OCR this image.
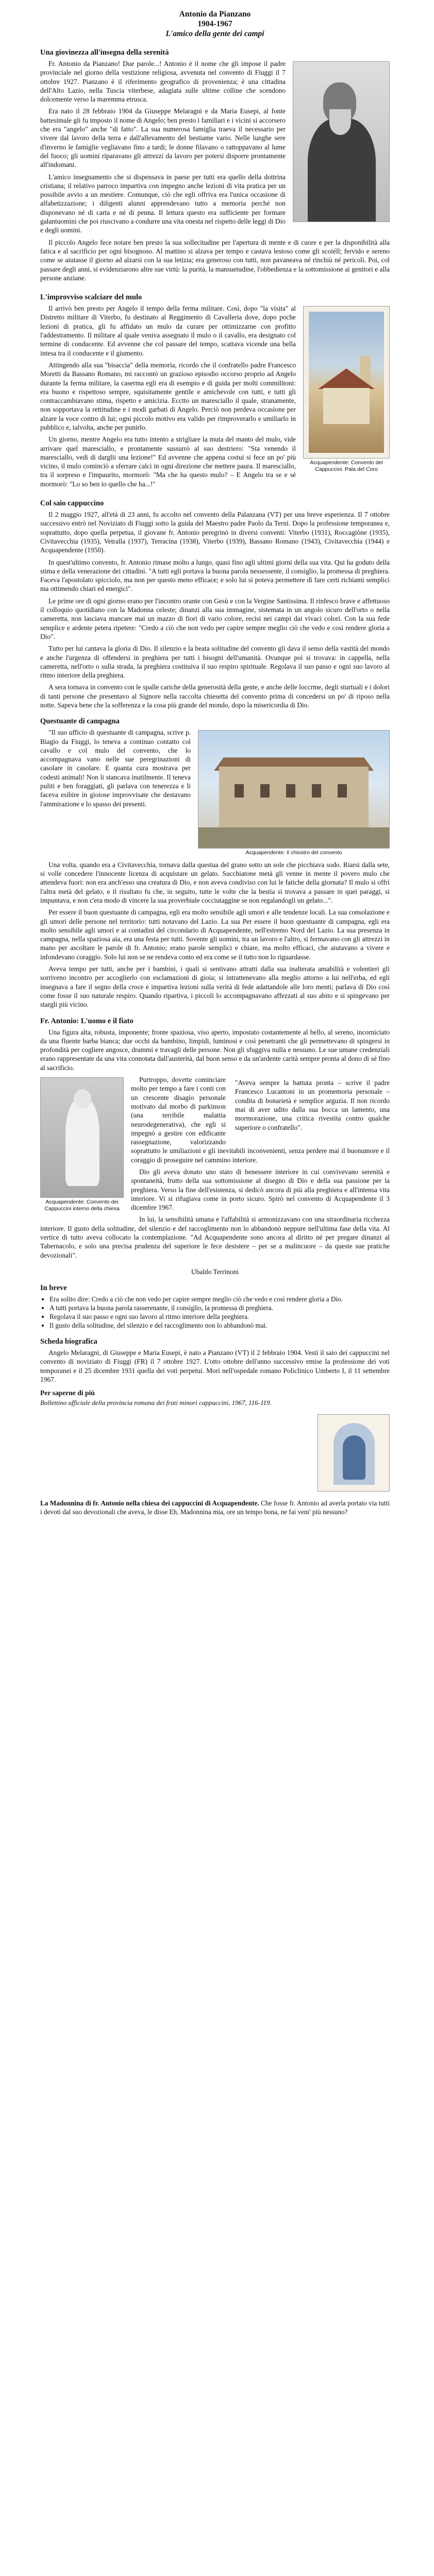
Antonio da Pianzano
1904-1967
L'amico della gente dei campi
Una giovinezza all'insegna della serenità

Fr. Antonio da Pianzano! Due parole...! Antonio è il nome che gli impose il padre provinciale nel giorno della vestizione religiosa, avvenuta nel convento di Fiuggi il 7 ottobre 1927. Pianzano è il riferimento geografico di provenienza; è una cittadina dell'Alto Lazio, nella Tuscia viterbese, adagiata sulle ultime colline che scendono dolcemente verso la maremma etrusca.

Era nato il 28 febbraio 1904 da Giuseppe Melaragni e da Maria Eusepi, al fonte battesimale gli fu imposto il nome di Angelo; ben presto i familiari e i vicini si accorsero che era "angelo" anche "di fatto". La sua numerosa famiglia traeva il necessario per vivere dal lavoro della terra e dall'allevamento del bestiame vario. Nelle lunghe sere d'inverno le famiglie vegliavano fino a tardi; le donne filavano o rattoppavano al lume del fuoco; gli uomini riparavano gli attrezzi da lavoro per potersi disporre prontamente all'indomani.

L'amico insegnamento che si dispensava in paese per tutti era quello della dottrina cristiana; il relativo parroco impartiva con impegno anche lezioni di vita pratica per un possibile avvio a un mestiere. Comunque, ciò che egli offriva era l'unica occasione di alfabetizzazione; i diligenti alunni apprendevano tutto a memoria perché non disponevano né di carta e né di penna. Il lettura questo era sufficiente per formare galantuomini che poi riuscivano a condurre una vita onesta nel rispetto delle leggi di Dio e degli uomini.

Il piccolo Angelo fece notare ben presto la sua sollecitudine per l'apertura di mente e di cuore e per la disponibilità alla fatica e al sacrificio per ogni bisognoso. Al mattino si alzava per tempo e castava lestoso come gli scoiéll; fervido e sereno come se aiutasse il giorno ad alzarsi con la sua letizia; era generoso con tutti, non pavaneava né rinchiù né pericoli. Poi, col passare degli anni, si evidenziarono altre sue virtù: la purità, la mansuetudine, l'obbedienza e la sottomissione ai genitori e alla persone anziane.

L'improvviso scalciare del mulo
Acquapendente: Convento dei Cappuccini. Pala del Coro

Il arrivò ben presto per Angelo il tempo della ferma militare. Così, dopo "la visita" al Distretto militare di Viterbo, fu destinato al Reggimento di Cavalleria dove, dopo poche lezioni di pratica, gli fu affidato un mulo da curare per ottimizzarne con profitto l'addestramento. Il militare al quale veniva assegnato il mulo o il cavallo, era designato col termine di conducente. Ed avvenne che col passare del tempo, scattava vicende una bella intesa tra il conducente e il giumento.

Attingendo alla sua "bisaccia" della memoria, ricordo che il confratello padre Francesco Moretti da Bassano Romano, mi raccontò un grazioso episodio occorso proprio ad Angelo durante la ferma militare, la caserma egli era di esempio e di guida per molti commilitoni: era buono e rispettoso sempre, squisitamente gentile e amichevole con tutti, e tutti gli contraccambiavano stima, rispetto e amicizia. Ecctto un maresciallo il quale, stranamente, non sopportava la rettitudine e i modi garbati di Angelo. Perciò non perdeva occasione per alzare la voce contro di lui; ogni piccolo motivo era valido per rimproverarlo e umiliarlo in pubblico e, talvolta, anche per punirlo.

Un giorno, mentre Angelo era tutto intento a strigliare la muta del manto del mulo, vide arrivare quel maresciallo, e prontamente sussurrò al suo destriero: "Sta venendo il maresciallo, vedi di darglii una lezione!" Ed avvenne che appena costui si fece un po' più vicino, il mulo cominciò a sferrare calci in ogni direzione che mettere paura. Il maresciallo, tra il sorpreso e l'impaurito, mormorò: "Ma che ha questo mulo? – E Angelo tra se e sé mormorò: "Lo so ben io quello che ha...!"

Col saio cappuccino

Il 2 maggio 1927, all'età di 23 anni, fu accolto nel convento della Palanzana (VT) per una breve esperienza. Il 7 ottobre successivo entrò nel Noviziato di Fiuggi sotto la guida del Maestro padre Paolo da Terni. Dopo la professione temporanea e, soprattutto, dopo quella perpetua, il giovane fr. Antonio peregrinò in diversi conventi: Viterbo (1931), Roccagiòne (1935), Civitavecchia (1935), Vetralla (1937), Terracina (1938), Viterbo (1939), Bassano Romano (1943), Civitavecchia (1944) e Acquapendente (1950).

In quest'ultimo convento, fr. Antonio rimase molto a lungo, quasi fino agli ultimi giorni della sua vita. Qui ha goduto della stima e della venerazione dei cittadini. "A tutti egli portava la buona parola nessessente, il consiglio, la promessa di preghiera. Faceva l'apostolato spicciolo, ma non per questo meno efficace; e solo lui si poteva permettere di fare certi richiami semplici ma ottimendo chiari ed energici".

Le prime ore di ogni giorno erano per l'incontro orante con Gesù e con la Vergine Santissima. Il rinfesco brave e affettuoso il colloquio quotidiano con la Madonna celeste; dinanzi alla sua immagine, sistemata in un angolo sicuro dell'orto o nella cameretta, non lasciava mancare mai un mazzo di fiori di vario colore, recisi nei campi dai vivaci colori. Con la sua fede semplice e ardente petera ripetere: "Credo a ciò che non vedo per capire sempre meglio ciò che vedo e così rendere gloria a Dio".

Tutto per lui cantava la gloria di Dio. Il silenzio e la beata solitudine del convento gli dava il senso della vastità del mondo e anche l'urgenza di offendersi in preghiera per tutti i bisogni dell'umanità. Ovunque poi si trovava: in cappella, nella cameretta, nell'orto o sulla strada, la preghiera costituiva il suo respiro spirituale. Regolava il suo passo e ogni suo lavoro al ritmo interiore della preghiera.

A sera tornava in convento con le spalle cariche della generosità della gente, e anche delle loccrme, degli sturtuali e i dolori di tanti persone che presentavo al Signore nella raccolta chiesetta del convento prima di concedersi un po' di riposo nella notte. Sapeva bene che la sofferenza e la cosa più grande del mondo, dopo la misericordia di Dio.

Questuante di campagna
Acquapendente: Il chiostro del convento

"Il suo ufficio di questuante di campagna, scrive p. Biagio da Fiuggi, lo teneva a continuo contatto col cavallo e col mulo del convento, che lo accompagnava vano nelle sue peregrinazioni di casolare in casolare. E quanta cura mostrava per codesti animali! Non li stancava inutilmente. Il teneva puliti e ben foraggiati, gli parlava con tenerezza e li faceva esibire in gioiose improvvisate che destavano l'ammirazione e lo spasso dei presenti.

Una volta, quando era a Civitavecchia, tornava dalla questua del grano sotto un sole che picchiava sodo. Riarsi dalla sete, si volle concedere l'innocente licenza di acquistare un gelato. Succhiatone metà gli venne in mente il povero mulo che attendeva fuori: non era anch'esso una creatura di Dio, e non aveva condiviso con lui le fatiche della giornata? Il mulo si offrì l'altra metà del gelato, e il risultato fu che, in seguito, tutte le volte che la bestia si trovava a passare in quei paraggi, si impuntava, e non c'era modo di vincere la sua proverbiale cocciutaggine se non regalandogli un gelato...".

Per essere il buon questuante di campagna, egli era molto sensibile agli umori e alle tendenze locali. La sua consolazione e gli umori delle persone nel territorio: tutti notavano del Lazio. La sua Per essere il buon questuante di campagna, egli era molto sensibile agli umori e ai contadini del circondario di Acquapendente, nell'estremo Nord del Lazio. La sua presenza in campagna, nella spaziosa aia, era una festa per tutti. Sovente gli uomini, tra un lavoro e l'altro, si fermavano con gli attrezzi in mano per ascoltare le parole di fr. Antonio; erano parole semplici e chiare, ma molto efficaci, che aiutavano a vivere e infondevano coraggio. Solo lui non se ne rendeva conto ed era come se il tutto non lo riguardasse.

Aveva tempo per tutti, anche per i bambini, i quali si sentivano attratti dalla sua inalterata amabilità e volentieri gli sorriveno incontro per accoglierlo con esclamazioni di gioia; si intrattenevano alla meglio attorno a lui nell'erba, ed egli insegnava a fare il segno della croce e impartiva lezioni sulla verità di fede adattandole alle loro menti; parlava di Dio così come fosse il suo naturale respiro. Quando ripartiva, i piccoli lo accompagnavano affezzati al suo abito e si spingevano per stargli più vicino.

Fr. Antonio: L'uomo e il fiato

Una figura alta, robusta, imponente; fronte spaziosa, viso aperto, impostato costantemente al bello, al sereno, incorniciato da una fluente barba bianca; due occhi da bambino, limpidi, luminosi e così penetranti che gli permettevano di spingersi in profondità per cogliere angosce, drammi e travagli delle persone. Non gli sfuggiva nulla e nessuno. Le sue umane credenziali erano rappresentate da una vita connotata dall'austerità, dal buon senso e da un'ardente carità sempre pronta al dono di sé fino al sacrificio.

Acquapendente: Convento dei Cappuccini interno della chiesa

"Aveva sempre la battuta pronta – scrive il padre Francesco Lucantoni in un promemoria personale – condita di bonarietà e semplice arguzia. Il non ricordo mai di aver udito dalla sua bocca un lamento, una mormorazione, una critica rivestita contro qualche superiore o confratello".

Purtroppo, dovette cominciare molto per tempo a fare i conti con un crescente disagio personale motivato dal morbo di parkinson (una terribile malattia neurodegenerativa), che egli si impegnò a gestire con edificante rassegnazione, valorizzando soprattutto le umiliazioni e gli inevitabili inconvenienti, senza perdere mai il buonumore e il coraggio di proseguire nel cammino interiore.

Dio gli aveva donato uno stato di benessere interiore in cui convivevano serenità e spontaneità, frutto della sua sottomissione al disegno di Dio e della sua passione per la preghiera. Verso la fine dell'esistenza, si dedicò ancora di più alla preghiera e all'intensa vita interiore. Vi si rifugiava come in porto sicuro. Spirò nel convento di Acquapendente il 3 dicembre 1967.

In lui, la sensibilità umana e l'affabilità si armonizzavano con una straordinaria ricchezza interiore. Il gusto della solitudine, del silenzio e del raccoglimento non lo abbandonò neppure nell'ultima fase della vita. Al vertice di tutto aveva collocato la contemplazione. "Ad Acquapendente sono ancora al diritto né per pregare dinanzi al Tabernacolo, e solo una precisa prudenza del superiore le fece desistere – per se a malincuore – da queste sue pratiche devozionali".

Ubaldo Terrinoni
In breve
• Era solito dire: Credo a ciò che non vedo per capire sempre meglio ciò che vedo e così rendere gloria a Dio.
• A tutti portava la buona parola rasserenante, il consiglio, la promessa di preghiera.
• Regolava il suo passo e ogni suo lavoro al ritmo interiore della preghiera.
• Il gusto della solitudine, del silenzio e del raccoglimento non lo abbandonò mai.
Scheda biografica

Angelo Melaragni, di Giuseppe e Maria Eusepi, è nato a Pianzano (VT) il 2 febbraio 1904. Vestì il saio dei cappuccini nel convento di noviziato di Fiuggi (FR) il 7 ottobre 1927. L'otto ottobre dell'anno successivo emise la professione dei voti temporanei e il 25 dicembre 1931 quella dei voti perpetui. Morì nell'ospedale romano Policlinico Umberto I, il 11 settembre 1967.

Per saperne di più
Bollettino ufficiale della provincia romana dei frati minori cappuccini, 1967, 116-119.
La Madonnina di fr. Antonio nella chiesa dei cappuccini di Acquapendente. Che fosse fr. Antonio ad averla portato via tutti i devoti dal suo devozionali che aveva, le disse Eh, Madonnina mia, ore un tempo bona, ne fai veni' più nessuno?
